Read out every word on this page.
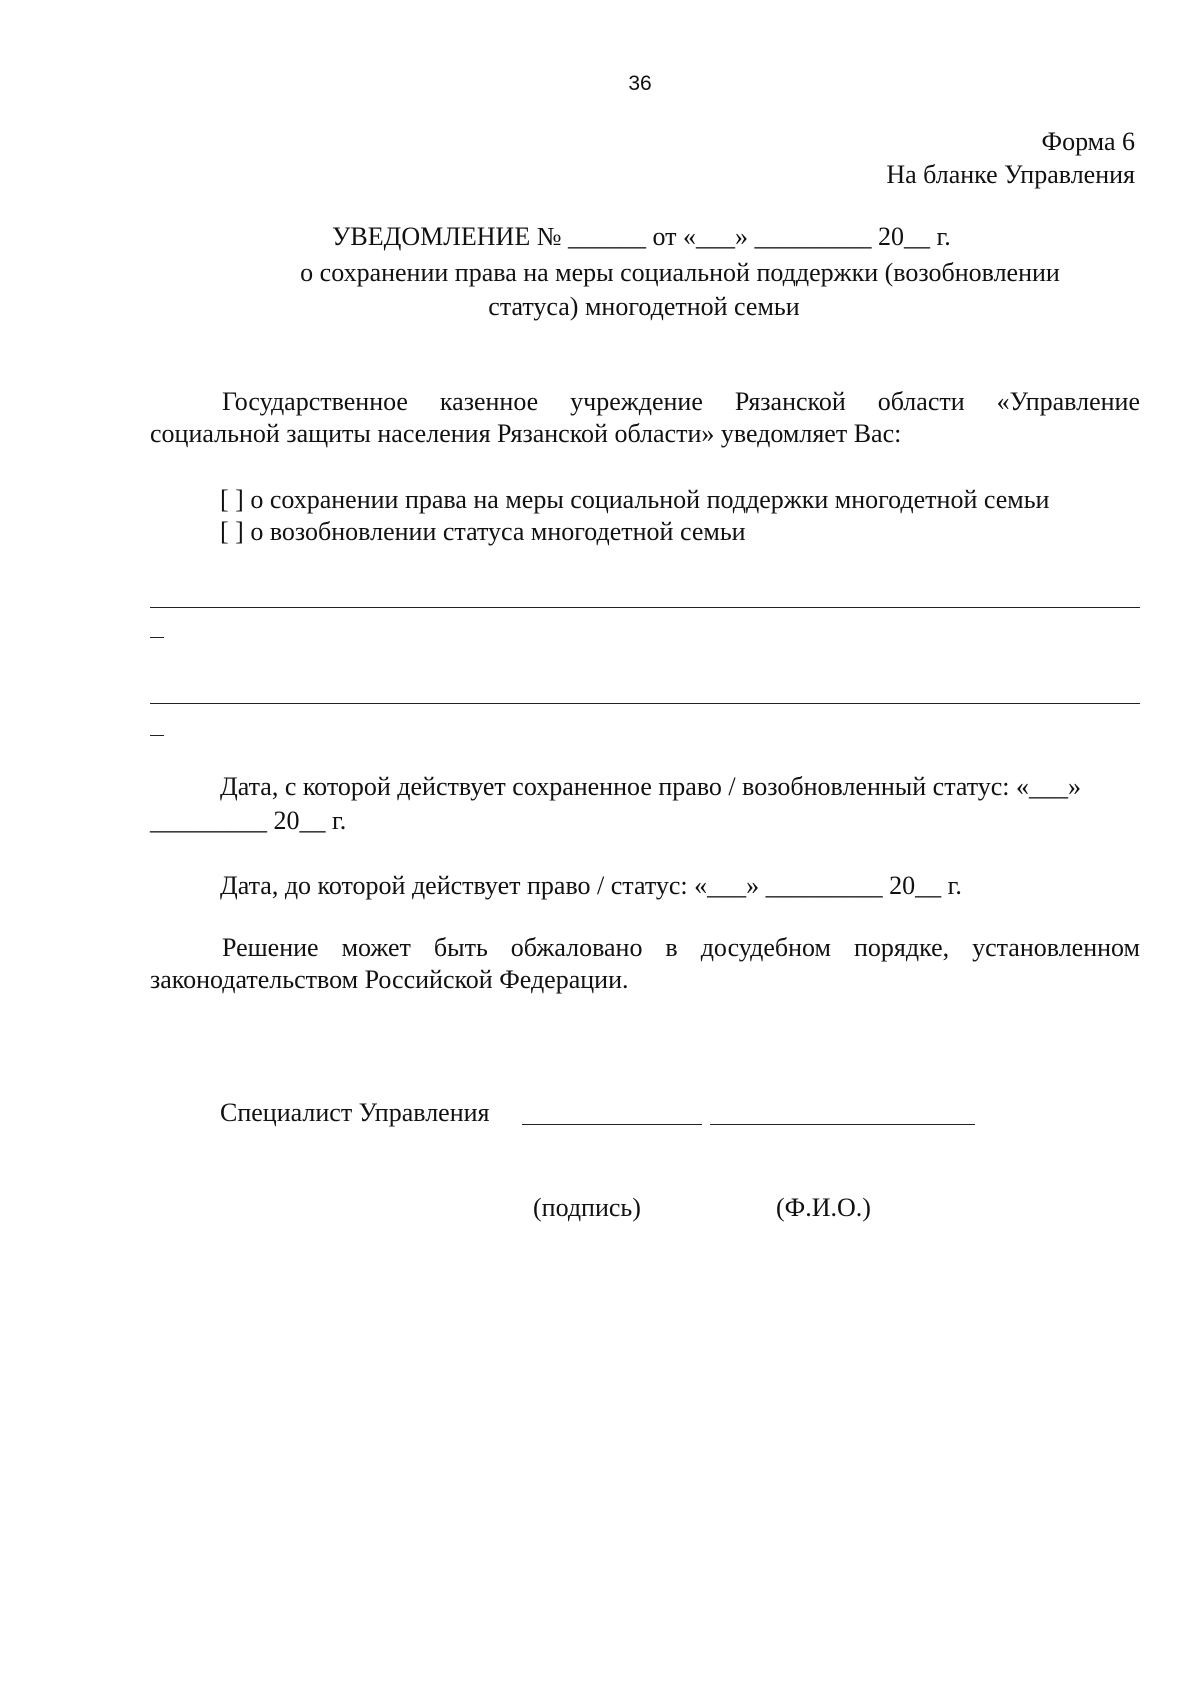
36
Форма 6
На бланке Управления
УВЕДОМЛЕНИЕ № ______ от «___» _________ 20__ г.
о сохранении права на меры социальной поддержки (возобновлении
статуса) многодетной семьи
Государственное казенное учреждение Рязанской области «Управление социальной защиты населения Рязанской области» уведомляет Вас:
[ ] о сохранении права на меры социальной поддержки многодетной семьи
[ ] о возобновлении статуса многодетной семьи
Дата, с которой действует сохраненное право / возобновленный статус: «___»
_________ 20__ г.
Дата, до которой действует право / статус: «___» _________ 20__ г.
Решение может быть обжаловано в досудебном порядке, установленном законодательством Российской Федерации.
Специалист Управления
(подпись)	(Ф.И.О.)
